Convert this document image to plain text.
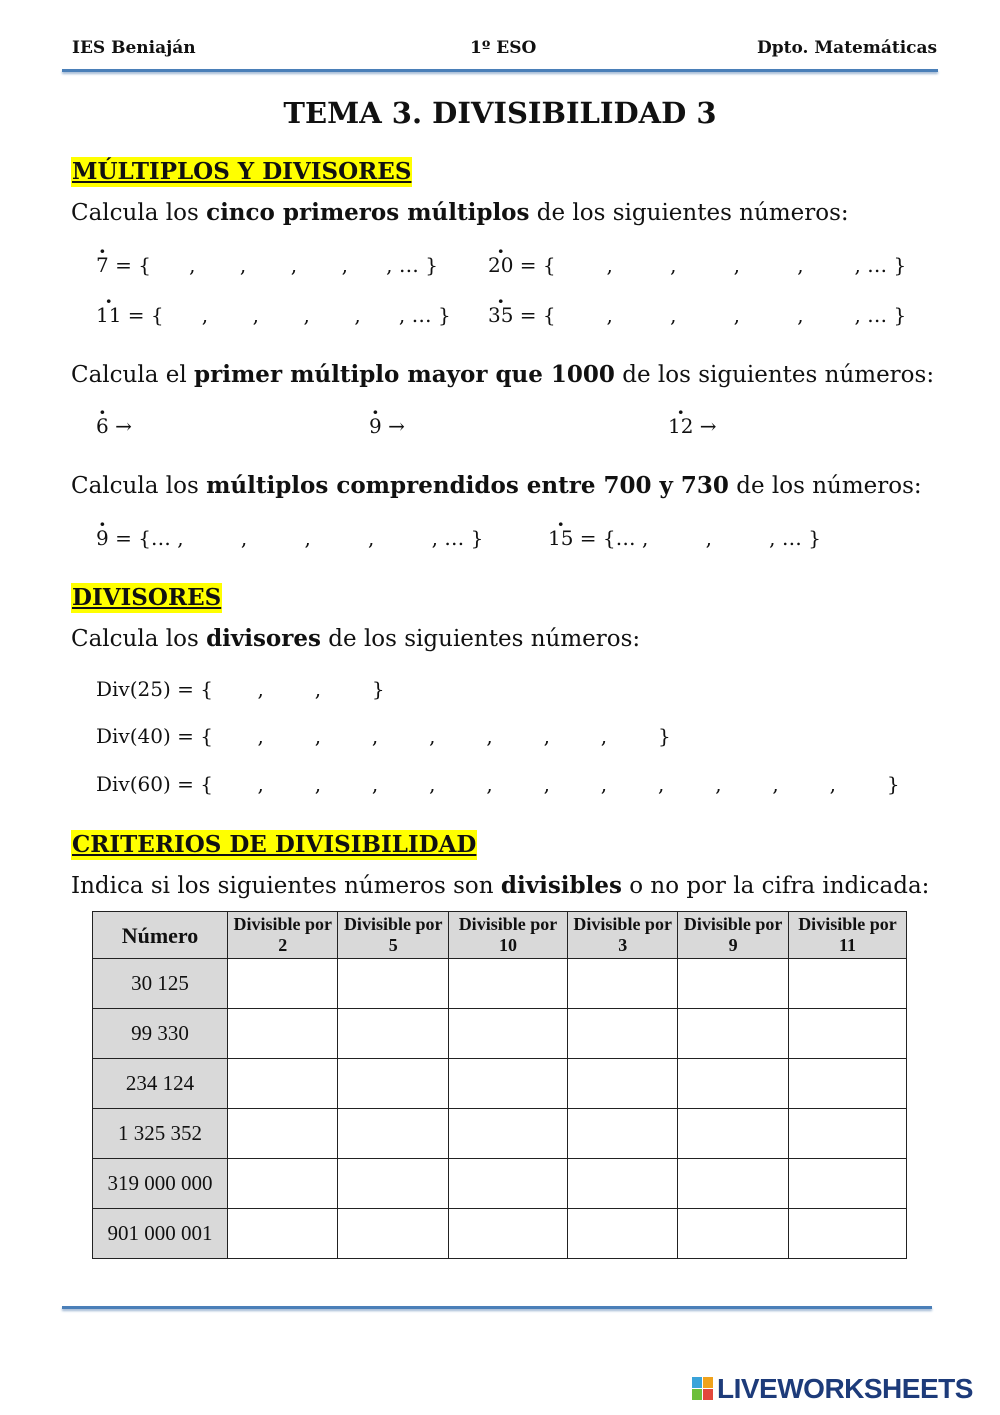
IES Beniaján	1º ESO	Dpto. Matemáticas
TEMA 3. DIVISIBILIDAD 3
MÚLTIPLOS Y DIVISORES
Calcula los cinco primeros múltiplos de los siguientes números:
7 · = {      ,       ,       ,       ,      , … }	20 · = {        ,         ,         ,         ,        , … }
11 · = {      ,       ,       ,       ,      , … } 35 · = {        ,         ,         ,         ,        , … }
Calcula el primer múltiplo mayor que 1000 de los siguientes números:
6 · →	9 · →	12 · →
Calcula los múltiplos comprendidos entre 700 y 730 de los números:
9 · = {… ,         ,         ,         ,         , … }	15 · = {… ,         ,         , … }
DIVISORES
Calcula los divisores de los siguientes números:
Div(25) = {       ,        ,        }
Div(40) = {       ,        ,        ,        ,        ,        ,        ,        }
Div(60) = {       ,        ,        ,        ,        ,        ,        ,        ,        ,        ,        ,        }
CRITERIOS DE DIVISIBILIDAD
Indica si los siguientes números son divisibles o no por la cifra indicada:
Número	Divisible por 2	Divisible por 5	Divisible por 10	Divisible por 3	Divisible por 9	Divisible por 11
30 125						
99 330						
234 124						
1 325 352						
319 000 000						
901 000 001						
LIVEWORKSHEETS
